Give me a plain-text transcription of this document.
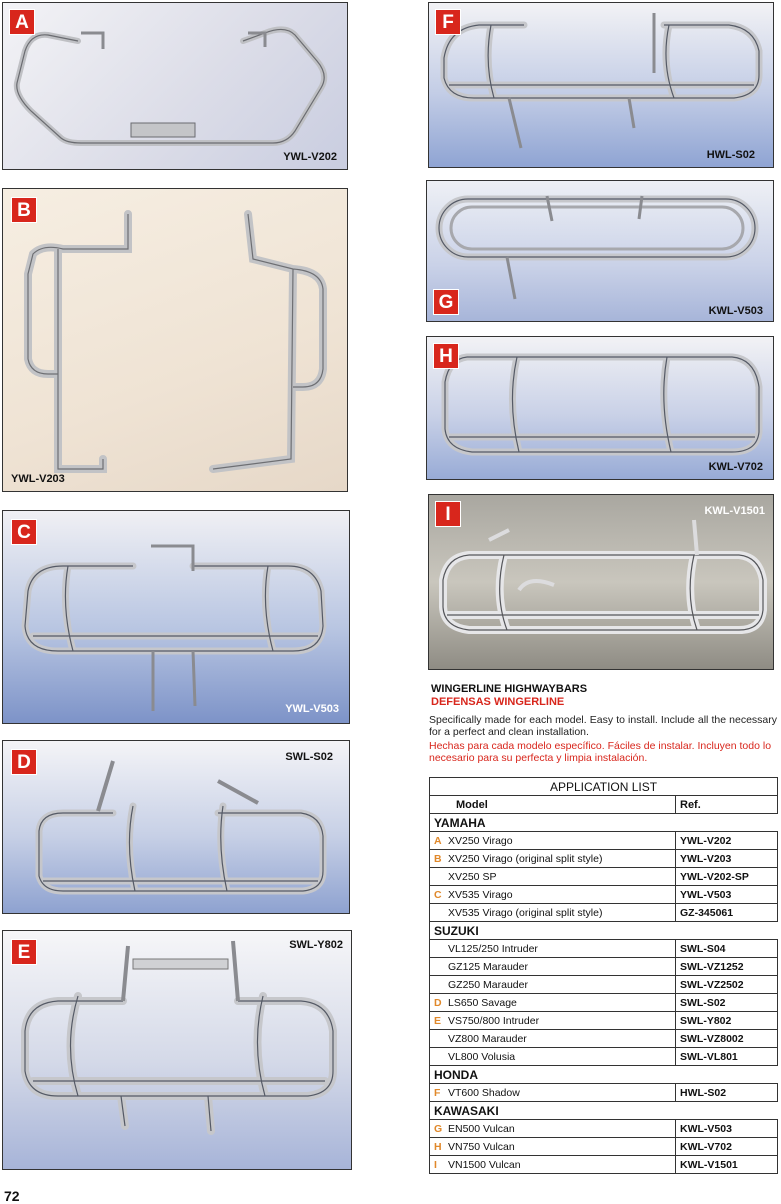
A
YWL-V202
B
YWL-V203
C
YWL-V503
D	SWL-S02
E	SWL-Y802
F
HWL-S02
G	KWL-V503
H
KWL-V702
I	KWL-V1501
WINGERLINE HIGHWAYBARS
DEFENSAS WINGERLINE
Specifically made for each model. Easy to install. Include all the necessary for a perfect and clean installation.
Hechas para cada modelo específico. Fáciles de instalar. Incluyen todo lo necesario para su perfecta y limpia instalación.
APPLICATION LIST	
Model	Ref.
YAMAHA	
A XV250 Virago	YWL-V202
B XV250 Virago (original split style)	YWL-V203
XV250 SP	YWL-V202-SP
C XV535 Virago	YWL-V503
XV535 Virago (original split style)	GZ-345061
SUZUKI	
VL125/250 Intruder	SWL-S04
GZ125 Marauder	SWL-VZ1252
GZ250 Marauder	SWL-VZ2502
D LS650 Savage	SWL-S02
E VS750/800 Intruder	SWL-Y802
VZ800 Marauder	SWL-VZ8002
VL800 Volusia	SWL-VL801
HONDA	
F VT600 Shadow	HWL-S02
KAWASAKI	
G EN500 Vulcan	KWL-V503
H VN750 Vulcan	KWL-V702
I VN1500 Vulcan	KWL-V1501
72
